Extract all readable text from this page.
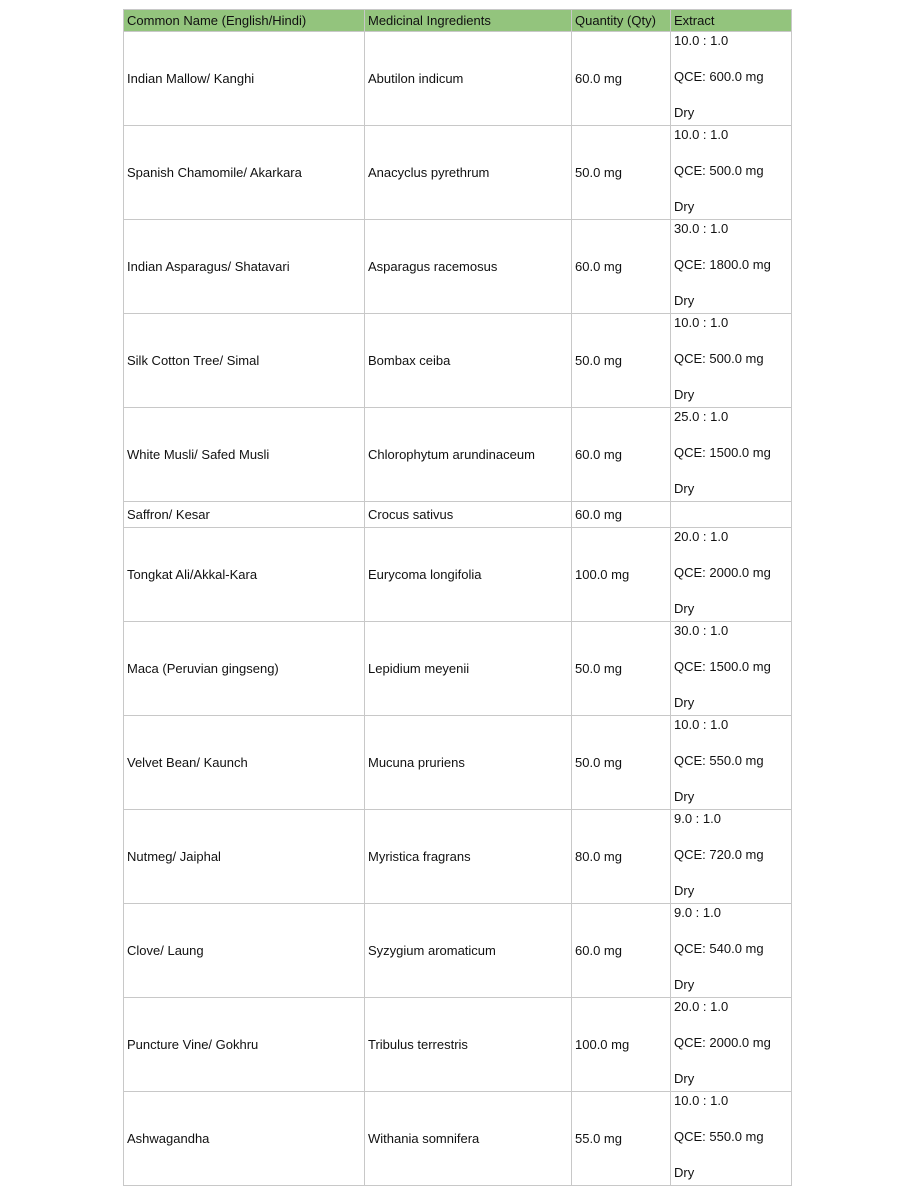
Common Name (English/Hindi)	Medicinal Ingredients	Quantity (Qty)	Extract
Indian Mallow/ Kanghi	Abutilon indicum	60.0 mg	10.0 : 1.0
QCE: 600.0 mg
Dry

Spanish Chamomile/ Akarkara	Anacyclus pyrethrum	50.0 mg	10.0 : 1.0
QCE: 500.0 mg
Dry

Indian Asparagus/ Shatavari	Asparagus racemosus	60.0 mg	30.0 : 1.0
QCE: 1800.0 mg
Dry

Silk Cotton Tree/ Simal	Bombax ceiba	50.0 mg	10.0 : 1.0
QCE: 500.0 mg
Dry

White Musli/ Safed Musli	Chlorophytum arundinaceum	60.0 mg	25.0 : 1.0
QCE: 1500.0 mg
Dry

Saffron/ Kesar	Crocus sativus	60.0 mg	
Tongkat Ali/Akkal-Kara	Eurycoma longifolia	100.0 mg	20.0 : 1.0
QCE: 2000.0 mg
Dry

Maca (Peruvian gingseng)	Lepidium meyenii	50.0 mg	30.0 : 1.0
QCE: 1500.0 mg
Dry

Velvet Bean/ Kaunch	Mucuna pruriens	50.0 mg	10.0 : 1.0
QCE: 550.0 mg
Dry

Nutmeg/ Jaiphal	Myristica fragrans	80.0 mg	9.0 : 1.0
QCE: 720.0 mg
Dry

Clove/ Laung	Syzygium aromaticum	60.0 mg	9.0 : 1.0
QCE: 540.0 mg
Dry

Puncture Vine/ Gokhru	Tribulus terrestris	100.0 mg	20.0 : 1.0
QCE: 2000.0 mg
Dry

Ashwagandha	Withania somnifera	55.0 mg	10.0 : 1.0
QCE: 550.0 mg
Dry
